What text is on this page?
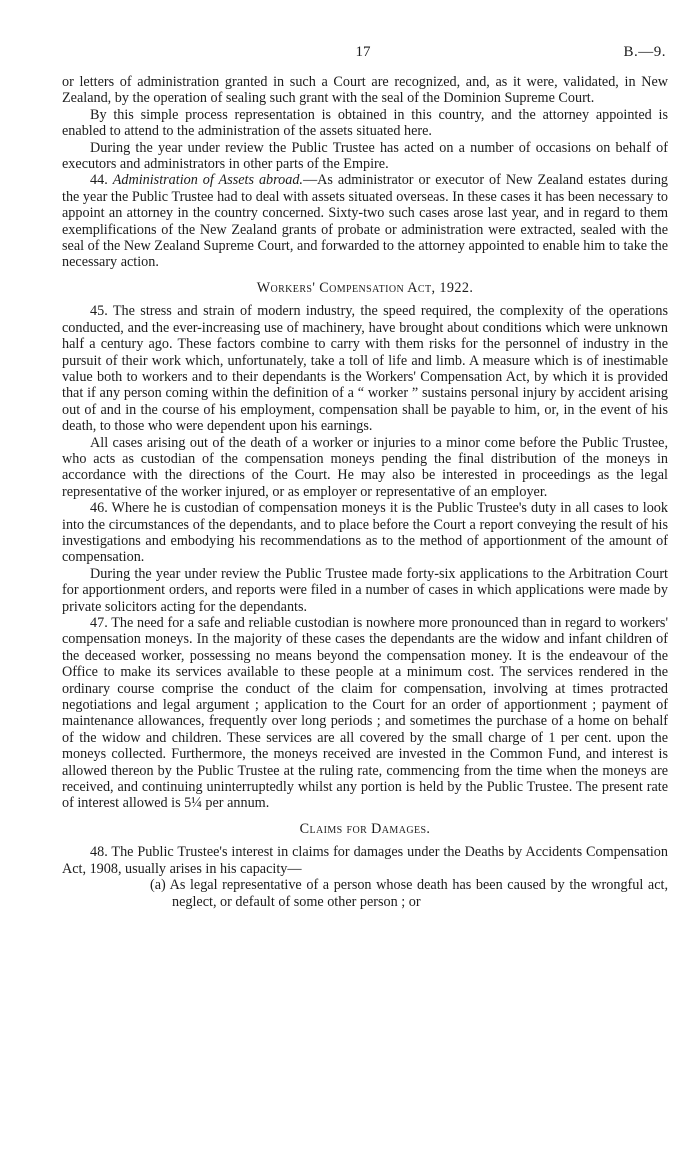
17	B.—9.

or letters of administration granted in such a Court are recognized, and, as it were, validated, in New Zealand, by the operation of sealing such grant with the seal of the Dominion Supreme Court.

By this simple process representation is obtained in this country, and the attorney appointed is enabled to attend to the administration of the assets situated here.

During the year under review the Public Trustee has acted on a number of occasions on behalf of executors and administrators in other parts of the Empire.

44. Administration of Assets abroad.—As administrator or executor of New Zealand estates during the year the Public Trustee had to deal with assets situated overseas. In these cases it has been necessary to appoint an attorney in the country concerned. Sixty-two such cases arose last year, and in regard to them exemplifications of the New Zealand grants of probate or administration were extracted, sealed with the seal of the New Zealand Supreme Court, and forwarded to the attorney appointed to enable him to take the necessary action.

Workers' Compensation Act, 1922.

45. The stress and strain of modern industry, the speed required, the complexity of the operations conducted, and the ever-increasing use of machinery, have brought about conditions which were unknown half a century ago. These factors combine to carry with them risks for the personnel of industry in the pursuit of their work which, unfortunately, take a toll of life and limb. A measure which is of inestimable value both to workers and to their dependants is the Workers' Compensation Act, by which it is provided that if any person coming within the definition of a “ worker ” sustains personal injury by accident arising out of and in the course of his employment, compensation shall be payable to him, or, in the event of his death, to those who were dependent upon his earnings.

All cases arising out of the death of a worker or injuries to a minor come before the Public Trustee, who acts as custodian of the compensation moneys pending the final distribution of the moneys in accordance with the directions of the Court. He may also be interested in proceedings as the legal representative of the worker injured, or as employer or representative of an employer.

46. Where he is custodian of compensation moneys it is the Public Trustee's duty in all cases to look into the circumstances of the dependants, and to place before the Court a report conveying the result of his investigations and embodying his recommendations as to the method of apportionment of the amount of compensation.

During the year under review the Public Trustee made forty-six applications to the Arbitration Court for apportionment orders, and reports were filed in a number of cases in which applications were made by private solicitors acting for the dependants.

47. The need for a safe and reliable custodian is nowhere more pronounced than in regard to workers' compensation moneys. In the majority of these cases the dependants are the widow and infant children of the deceased worker, possessing no means beyond the compensation money. It is the endeavour of the Office to make its services available to these people at a minimum cost. The services rendered in the ordinary course comprise the conduct of the claim for compensation, involving at times protracted negotiations and legal argument ; application to the Court for an order of apportionment ; payment of maintenance allowances, frequently over long periods ; and sometimes the purchase of a home on behalf of the widow and children. These services are all covered by the small charge of 1 per cent. upon the moneys collected. Furthermore, the moneys received are invested in the Common Fund, and interest is allowed thereon by the Public Trustee at the ruling rate, commencing from the time when the moneys are received, and continuing uninterruptedly whilst any portion is held by the Public Trustee. The present rate of interest allowed is 5¼ per annum.

Claims for Damages.

48. The Public Trustee's interest in claims for damages under the Deaths by Accidents Compensation Act, 1908, usually arises in his capacity—

(a) As legal representative of a person whose death has been caused by the wrongful act, neglect, or default of some other person ; or
